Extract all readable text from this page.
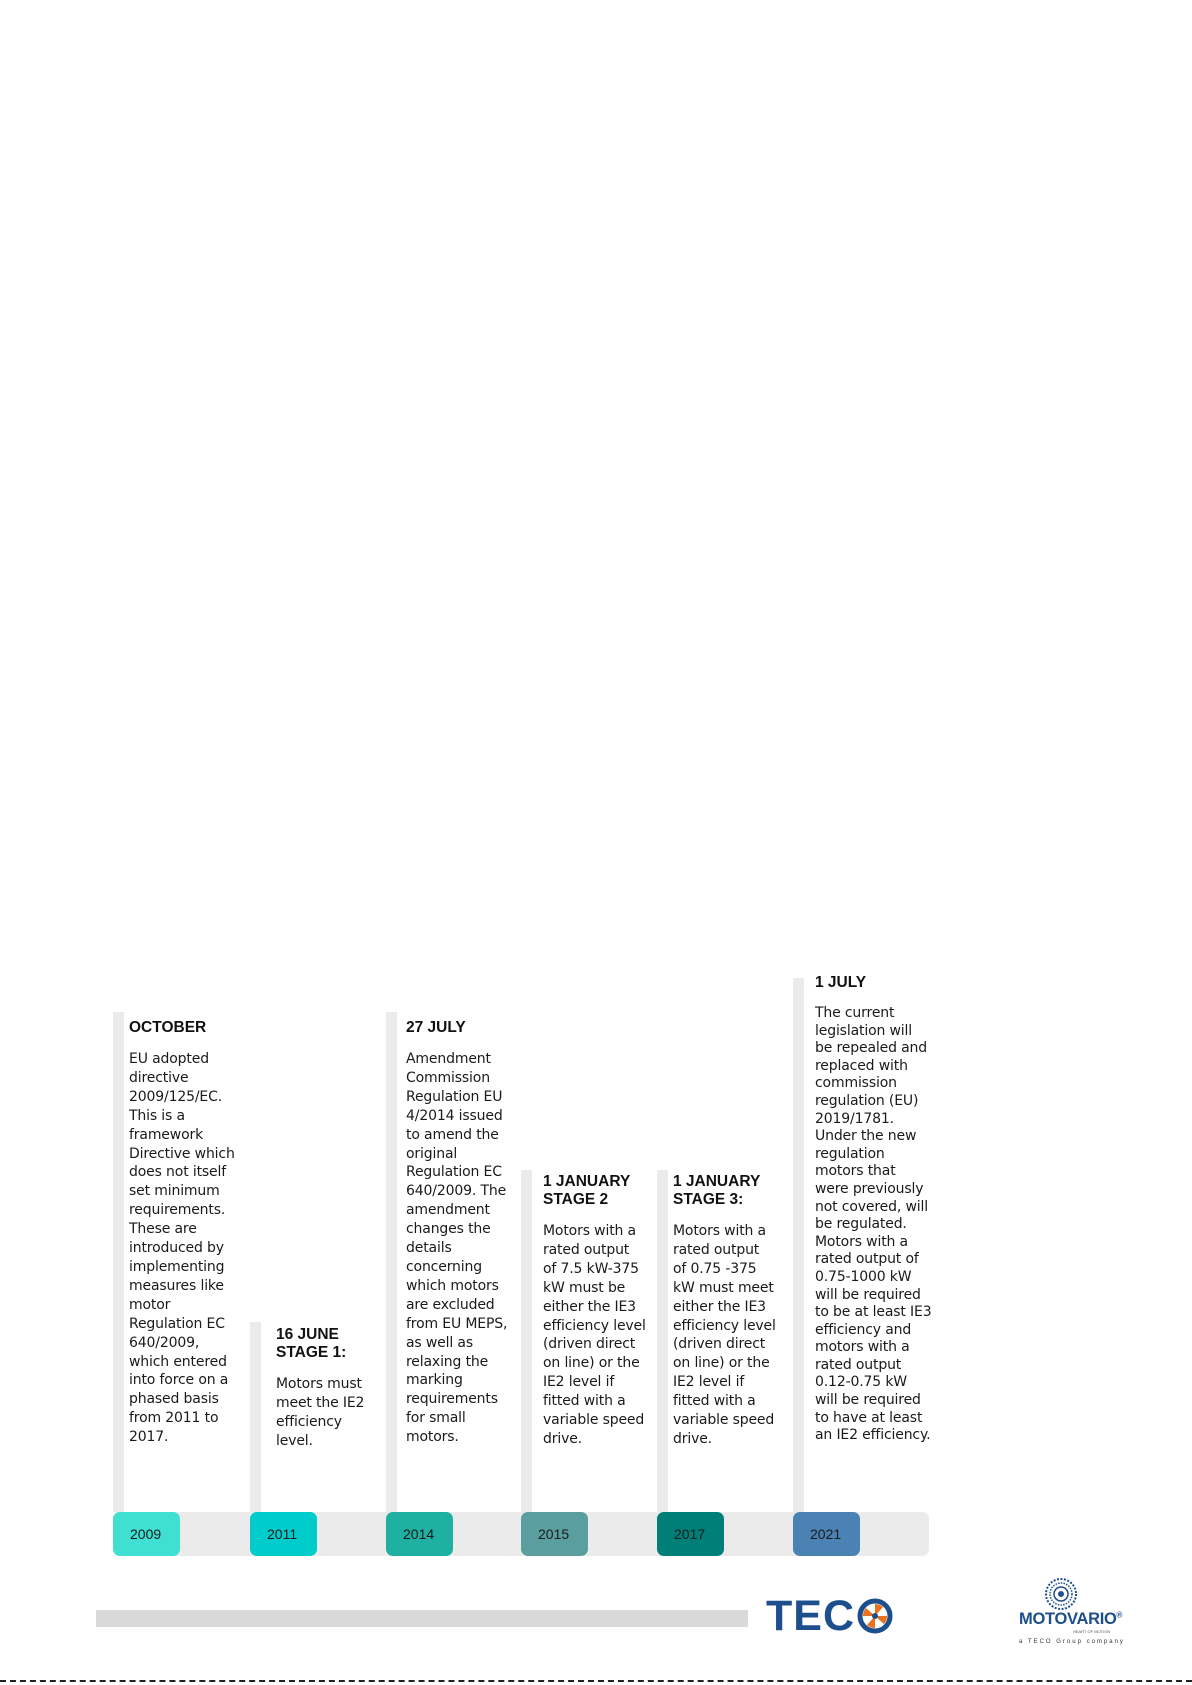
OCTOBER
EU adopted
directive
2009/125/EC.
This is a
framework
Directive which
does not itself
set minimum
requirements.
These are
introduced by
implementing
measures like
motor
Regulation EC
640/2009,
which entered
into force on a
phased basis
from 2011 to
2017.
16 JUNE
STAGE 1:
Motors must
meet the IE2
efficiency
level.
27 JULY
Amendment
Commission
Regulation EU
4/2014 issued
to amend the
original
Regulation EC
640/2009. The
amendment
changes the
details
concerning
which motors
are excluded
from EU MEPS,
as well as
relaxing the
marking
requirements
for small
motors.
1 JANUARY
STAGE 2
Motors with a
rated output
of 7.5 kW-375
kW must be
either the IE3
efficiency level
(driven direct
on line) or the
IE2 level if
fitted with a
variable speed
drive.
1 JANUARY
STAGE 3:
Motors with a
rated output
of 0.75 -375
kW must meet
either the IE3
efficiency level
(driven direct
on line) or the
IE2 level if
fitted with a
variable speed
drive.
1 JULY
The current
legislation will
be repealed and
replaced with
commission
regulation (EU)
2019/1781.
Under the new
regulation
motors that
were previously
not covered, will
be regulated.
Motors with a
rated output of
0.75-1000 kW
will be required
to be at least IE3
efficiency and
motors with a
rated output
0.12-0.75 kW
will be required
to have at least
an IE2 efficiency.
2009	2011	2014	2015	2017	2021
TEC	MOTOVARIO®
HEART OF MOTION
a TECO Group company
